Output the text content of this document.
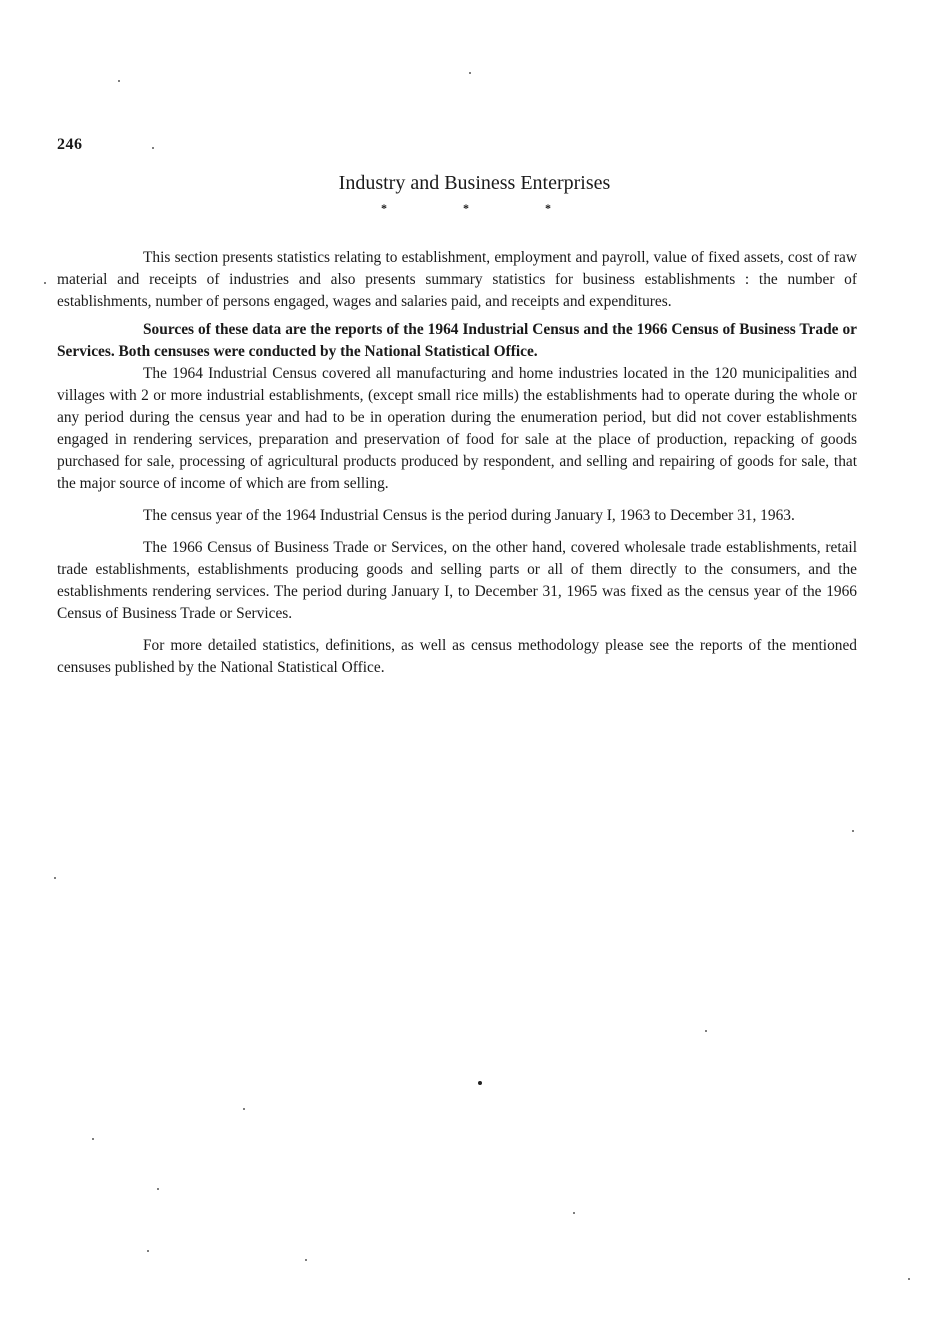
246
Industry and Business Enterprises
*	*	*

This section presents statistics relating to establishment, employment and payroll, value of fixed assets, cost of raw material and receipts of industries and also presents summary statistics for business establishments : the number of establishments, number of persons engaged, wages and salaries paid, and receipts and expenditures.

Sources of these data are the reports of the 1964 Industrial Census and the 1966 Census of Business Trade or Services. Both censuses were conducted by the National Statistical Office.

The 1964 Industrial Census covered all manufacturing and home industries located in the 120 municipalities and villages with 2 or more industrial establishments, (except small rice mills) the establishments had to operate during the whole or any period during the census year and had to be in operation during the enumeration period, but did not cover establishments engaged in rendering services, preparation and preservation of food for sale at the place of production, repacking of goods purchased for sale, processing of agricultural products produced by respondent, and selling and repairing of goods for sale, that the major source of income of which are from selling.

The census year of the 1964 Industrial Census is the period during January I, 1963 to December 31, 1963.

The 1966 Census of Business Trade or Services, on the other hand, covered wholesale trade establishments, retail trade establishments, establishments producing goods and selling parts or all of them directly to the consumers, and the establishments rendering services. The period during January I, to December 31, 1965 was fixed as the census year of the 1966 Census of Business Trade or Services.

For more detailed statistics, definitions, as well as census methodology please see the reports of the mentioned censuses published by the National Statistical Office.
